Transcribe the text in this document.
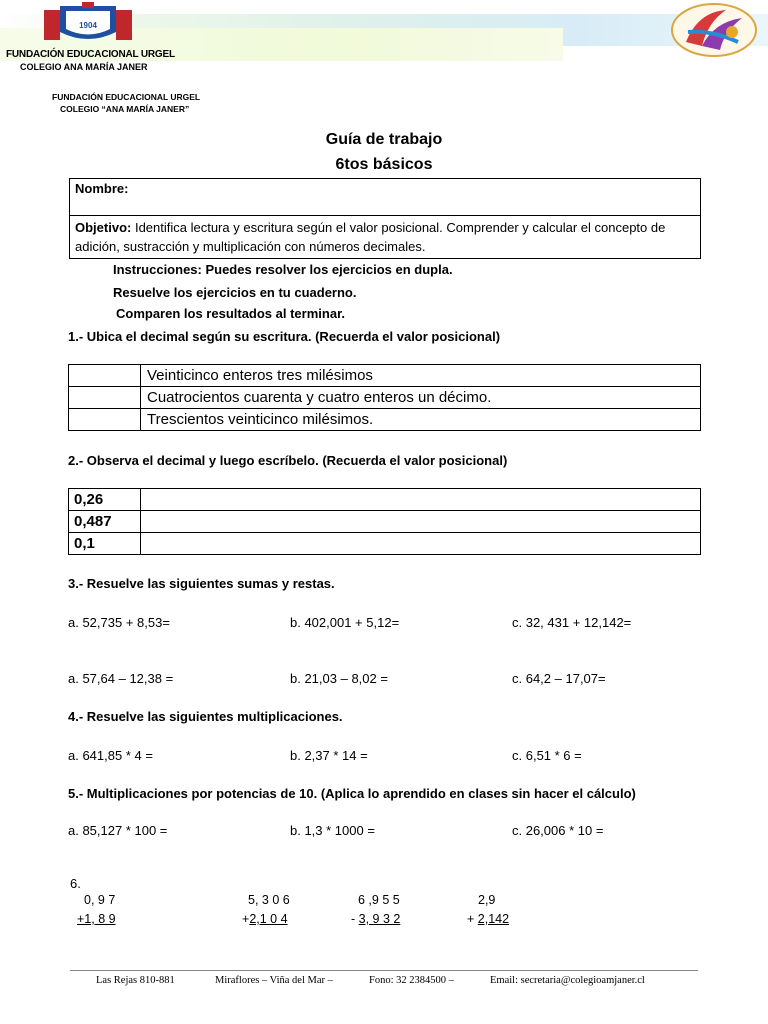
1904
FUNDACIÓN EDUCACIONAL URGEL
COLEGIO ANA MARÍA JANER
FUNDACIÓN EDUCACIONAL URGEL
COLEGIO “ANA MARÍA JANER”
Guía de trabajo
6tos básicos
Nombre:
Objetivo: Identifica lectura y escritura según el valor posicional. Comprender y calcular el concepto de adición, sustracción y multiplicación con números decimales.
Instrucciones: Puedes resolver los ejercicios en dupla.
Resuelve los ejercicios en tu cuaderno.
Comparen los resultados al terminar.
1.- Ubica el decimal según su escritura. (Recuerda el valor posicional)
	Veinticinco enteros tres milésimos
	Cuatrocientos cuarenta y cuatro enteros un décimo.
	Trescientos veinticinco milésimos.
2.- Observa el decimal y luego escríbelo. (Recuerda el valor posicional)
0,26	
0,487	
0,1	
3.- Resuelve las siguientes sumas y restas.
a. 52,735 + 8,53=	b. 402,001 + 5,12=	c. 32, 431 + 12,142=
a. 57,64 – 12,38 =	b. 21,03 – 8,02 =	c. 64,2 – 17,07=
4.- Resuelve las siguientes multiplicaciones.
a. 641,85 * 4 =	b. 2,37 * 14 =	c. 6,51 * 6 =
5.- Multiplicaciones por potencias de 10. (Aplica lo aprendido en clases sin hacer el cálculo)
a. 85,127 * 100 =	b. 1,3 * 1000 =	c. 26,006 * 10 =
6.
0, 9 7
+1, 8 9
5, 3 0 6
+2,1 0 4
6 ,9 5 5
- 3, 9 3 2
2,9
+ 2,142
Las Rejas 810-881	Miraflores – Viña del Mar –	Fono: 32 2384500 –	Email: secretaria@colegioamjaner.cl
